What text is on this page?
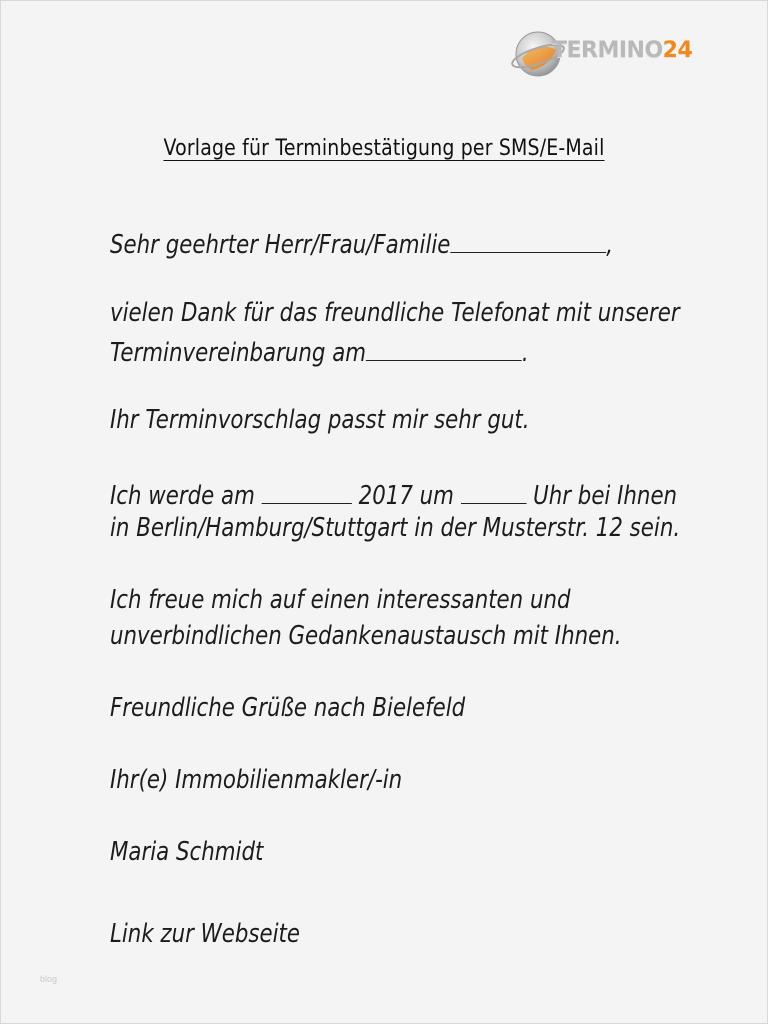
TERMINO24
Vorlage für Terminbestätigung per SMS/E-Mail
Sehr geehrter Herr/Frau/Familie	,
vielen Dank für das freundliche Telefonat mit unserer
Terminvereinbarung am	.
Ihr Terminvorschlag passt mir sehr gut.
Ich werde am	2017 um	Uhr bei Ihnen
in Berlin/Hamburg/Stuttgart in der Musterstr. 12 sein.
Ich freue mich auf einen interessanten und
unverbindlichen Gedankenaustausch mit Ihnen.
Freundliche Grüße nach Bielefeld
Ihr(e) Immobilienmakler/-in
Maria Schmidt
Link zur Webseite
blog
